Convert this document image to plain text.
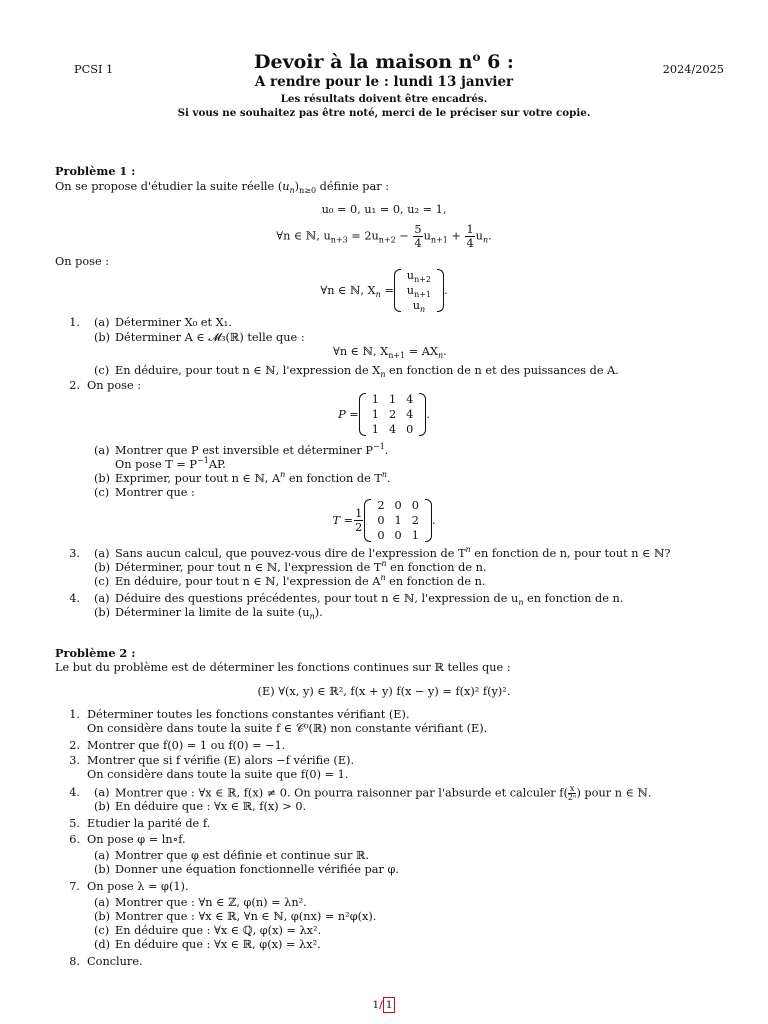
PCSI 1	2024/2025
Devoir à la maison $n^o$ 6 :
A rendre pour le : lundi 13 janvier
Les résultats doivent être encadrés.
Si vous ne souhaitez pas être noté, merci de le préciser sur votre copie.
Problème 1 :
On se propose d'étudier la suite réelle $(u_n)_{n\ge 0}$ définie par :
u₀ = 0, u₁ = 0, u₂ = 1,
∀n ∈ ℕ, $u_{n+3} = 2u_{n+2} - \frac{5}{4} u_{n+1} + \frac{1}{4} u_n$.
On pose :
∀n ∈ ℕ, $X_n$ =
$u_{n+2}$
$u_{n+1}$
$u_n$
.
1. (a) Déterminer X₀ et X₁.
(b) Déterminer A ∈ 𝓜₃(ℝ) telle que :
∀n ∈ ℕ, $X_{n+1} = AX_n$.
(c) En déduire, pour tout n ∈ ℕ, l'expression de $X_n$ en fonction de n et des puissances de A.
2. On pose :
P =
1	1	4
1	2	4
1	4	0
.
(a) Montrer que P est inversible et déterminer $P^{-1}$.
On pose $T = P^{-1}AP$.
(b) Exprimer, pour tout n ∈ ℕ, $A^n$ en fonction de $T^n$.
(c) Montrer que :
$T = \frac{1}{2}$
2	0	0
0	1	2
0	0	1
.
3. (a) Sans aucun calcul, que pouvez-vous dire de l'expression de $T^n$ en fonction de n, pour tout n ∈ ℕ?
(b) Déterminer, pour tout n ∈ ℕ, l'expression de $T^n$ en fonction de n.
(c) En déduire, pour tout n ∈ ℕ, l'expression de $A^n$ en fonction de n.
4. (a) Déduire des questions précédentes, pour tout n ∈ ℕ, l'expression de $u_n$ en fonction de n.
(b) Déterminer la limite de la suite $(u_n)$.
Problème 2 :
Le but du problème est de déterminer les fonctions continues sur ℝ telles que :
(E) ∀(x, y) ∈ ℝ², f(x + y) f(x − y) = f(x)² f(y)².
1. Déterminer toutes les fonctions constantes vérifiant (E).
On considère dans toute la suite f ∈ 𝒞⁰(ℝ) non constante vérifiant (E).
2. Montrer que f(0) = 1 ou f(0) = −1.
3. Montrer que si f vérifie (E) alors −f vérifie (E).
On considère dans toute la suite que f(0) = 1.
4. (a) Montrer que : ∀x ∈ ℝ, f(x) ≠ 0. On pourra raisonner par l'absurde et calculer $f( \frac{x}{\text{2ⁿ}})$ pour n ∈ ℕ.
(b) En déduire que : ∀x ∈ ℝ, f(x) > 0.
5. Etudier la parité de f.
6. On pose φ = ln∘f.
(a) Montrer que φ est définie et continue sur ℝ.
(b) Donner une équation fonctionnelle vérifiée par φ.
7. On pose λ = φ(1).
(a) Montrer que : ∀n ∈ ℤ, φ(n) = λn².
(b) Montrer que : ∀x ∈ ℝ, ∀n ∈ ℕ, φ(nx) = n²φ(x).
(c) En déduire que : ∀x ∈ ℚ, φ(x) = λx².
(d) En déduire que : ∀x ∈ ℝ, φ(x) = λx².
8. Conclure.
1/ 1
